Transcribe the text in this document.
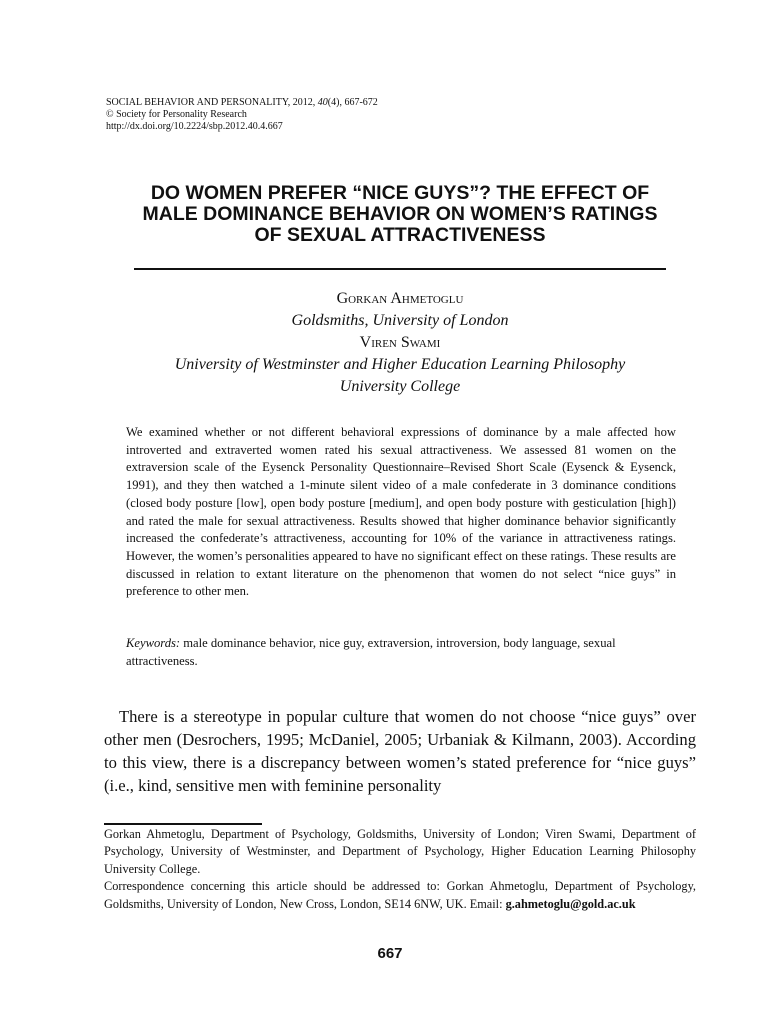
SOCIAL BEHAVIOR AND PERSONALITY, 2012, 40(4), 667-672
© Society for Personality Research
http://dx.doi.org/10.2224/sbp.2012.40.4.667
DO WOMEN PREFER “NICE GUYS”? THE EFFECT OF
MALE DOMINANCE BEHAVIOR ON WOMEN’S RATINGS
OF SEXUAL ATTRACTIVENESS
Gorkan Ahmetoglu
Goldsmiths, University of London
Viren Swami
University of Westminster and Higher Education Learning Philosophy
University College

We examined whether or not different behavioral expressions of dominance by a male affected how introverted and extraverted women rated his sexual attractiveness. We assessed 81 women on the extraversion scale of the Eysenck Personality Questionnaire–Revised Short Scale (Eysenck & Eysenck, 1991), and they then watched a 1-minute silent video of a male confederate in 3 dominance conditions (closed body posture [low], open body posture [medium], and open body posture with gesticulation [high]) and rated the male for sexual attractiveness. Results showed that higher dominance behavior significantly increased the confederate’s attractiveness, accounting for 10% of the variance in attractiveness ratings. However, the women’s personalities appeared to have no significant effect on these ratings. These results are discussed in relation to extant literature on the phenomenon that women do not select “nice guys” in preference to other men.

Keywords: male dominance behavior, nice guy, extraversion, introversion, body language, sexual attractiveness.

There is a stereotype in popular culture that women do not choose “nice guys” over other men (Desrochers, 1995; McDaniel, 2005; Urbaniak & Kilmann, 2003). According to this view, there is a discrepancy between women’s stated preference for “nice guys” (i.e., kind, sensitive men with feminine personality

Gorkan Ahmetoglu, Department of Psychology, Goldsmiths, University of London; Viren Swami, Department of Psychology, University of Westminster, and Department of Psychology, Higher Education Learning Philosophy University College.

Correspondence concerning this article should be addressed to: Gorkan Ahmetoglu, Department of Psychology, Goldsmiths, University of London, New Cross, London, SE14 6NW, UK. Email: g.ahmetoglu@gold.ac.uk

667
